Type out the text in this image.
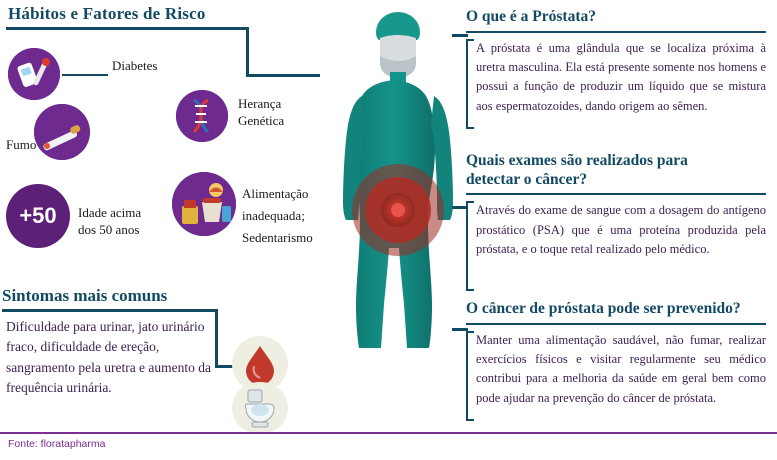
Hábitos e Fatores de Risco
Diabetes
Fumo
Herança
Genética
+50	Idade acima
dos 50 anos
Alimentação
inadequada;
Sedentarismo
Sintomas mais comuns
Dificuldade para urinar, jato urinário fraco, dificuldade de ereção, sangramento pela uretra e aumento da frequência urinária.
O que é a Próstata?
A próstata é uma glândula que se localiza próxima à uretra masculina. Ela está presente somente nos homens e possui a função de produzir um líquido que se mistura aos espermatozoides, dando origem ao sêmen.
Quais exames são realizados para
detectar o câncer?
Através do exame de sangue com a dosagem do antígeno prostático (PSA) que é uma proteína produzida pela próstata, e o toque retal realizado pelo médico.
O câncer de próstata pode ser prevenido?
Manter uma alimentação saudável, não fumar, realizar exercícios físicos e visitar regularmente seu médico contribui para a melhoria da saúde em geral bem como pode ajudar na prevenção do câncer de próstata.
Fonte: floratapharma
